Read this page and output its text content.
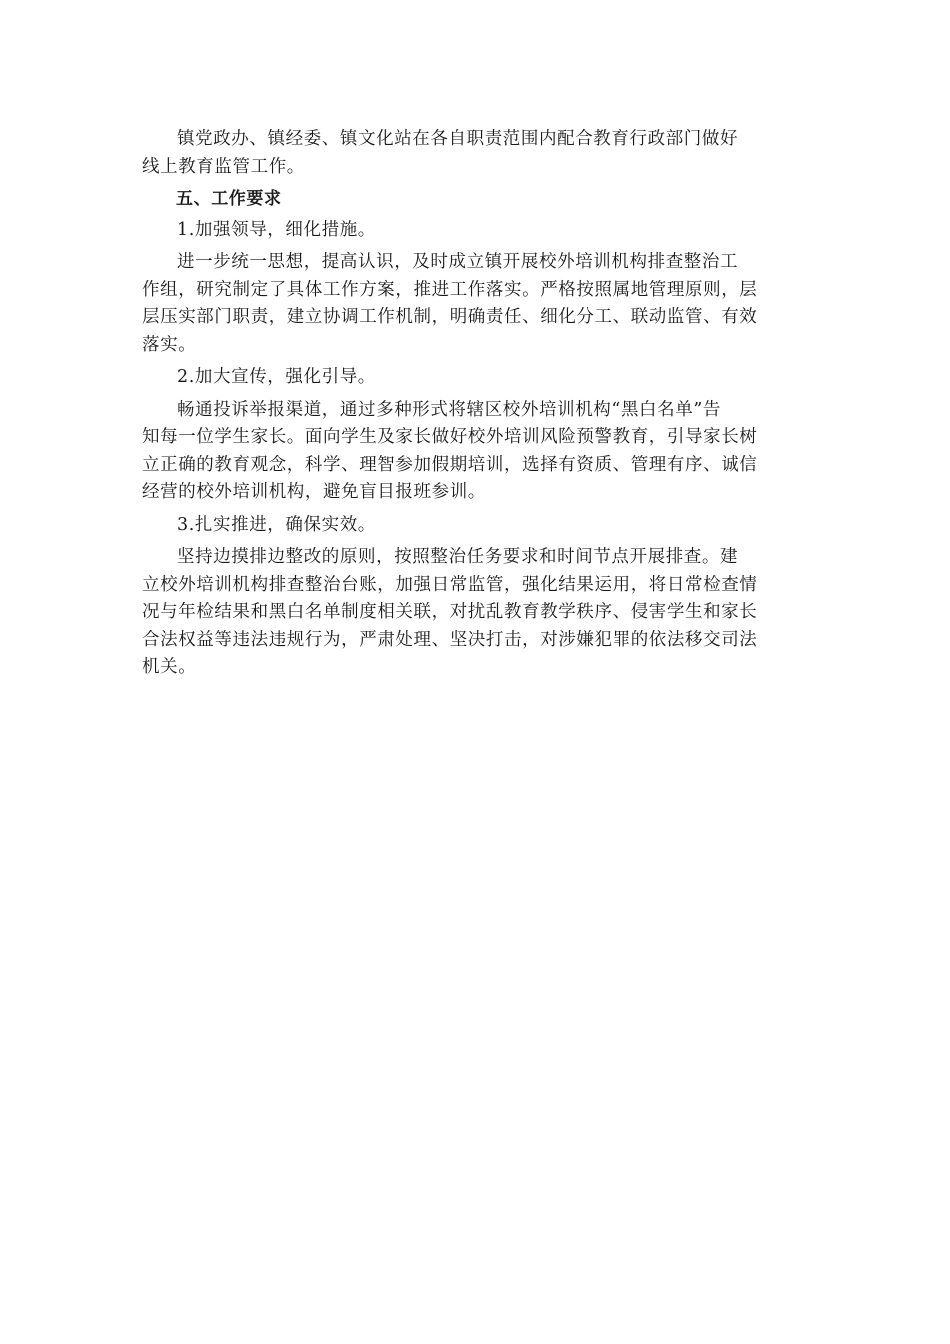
镇党政办、镇经委、镇文化站在各自职责范围内配合教育行政部门做好
线上教育监管工作。

五、工作要求

1.加强领导，细化措施。

进一步统一思想，提高认识，及时成立镇开展校外培训机构排查整治工
作组，研究制定了具体工作方案，推进工作落实。严格按照属地管理原则，层
层压实部门职责，建立协调工作机制，明确责任、细化分工、联动监管、有效
落实。

2.加大宣传，强化引导。

畅通投诉举报渠道，通过多种形式将辖区校外培训机构“黑白名单”告
知每一位学生家长。面向学生及家长做好校外培训风险预警教育，引导家长树
立正确的教育观念，科学、理智参加假期培训，选择有资质、管理有序、诚信
经营的校外培训机构，避免盲目报班参训。

3.扎实推进，确保实效。

坚持边摸排边整改的原则，按照整治任务要求和时间节点开展排查。建
立校外培训机构排查整治台账，加强日常监管，强化结果运用，将日常检查情
况与年检结果和黑白名单制度相关联，对扰乱教育教学秩序、侵害学生和家长
合法权益等违法违规行为，严肃处理、坚决打击，对涉嫌犯罪的依法移交司法
机关。
